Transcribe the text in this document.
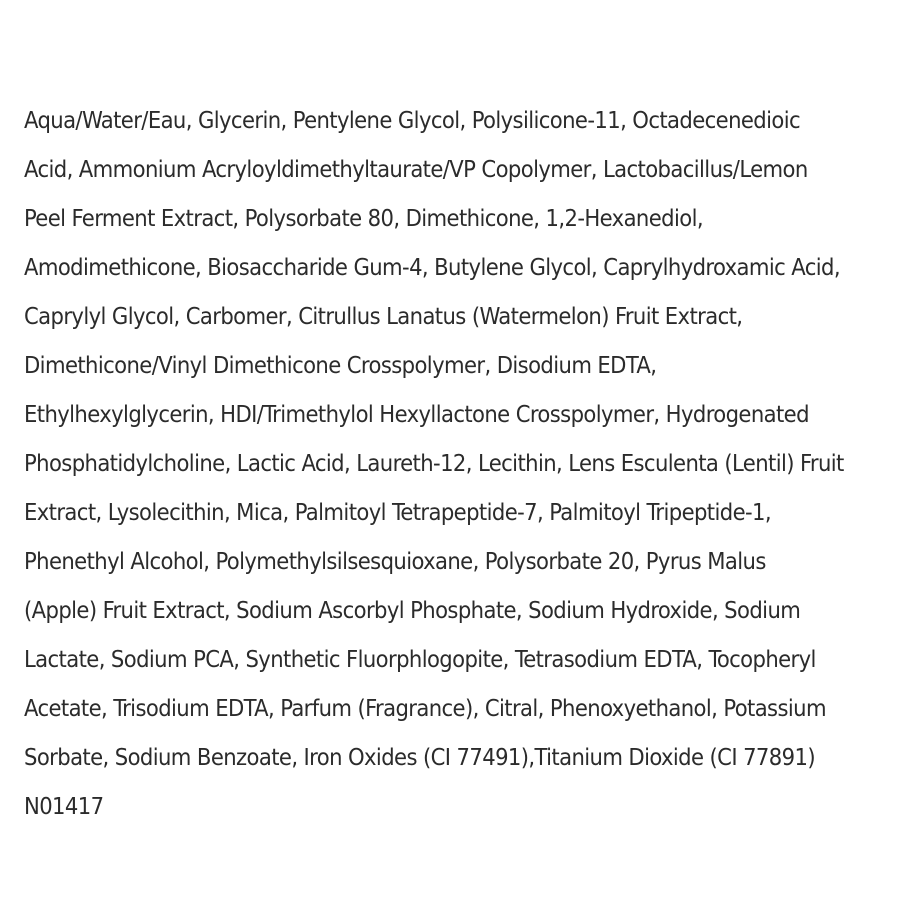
Aqua/Water/Eau, Glycerin, Pentylene Glycol, Polysilicone-11, Octadecenedioic
Acid, Ammonium Acryloyldimethyltaurate/VP Copolymer, Lactobacillus/Lemon
Peel Ferment Extract, Polysorbate 80, Dimethicone, 1,2-Hexanediol,
Amodimethicone, Biosaccharide Gum-4, Butylene Glycol, Caprylhydroxamic Acid,
Caprylyl Glycol, Carbomer, Citrullus Lanatus (Watermelon) Fruit Extract,
Dimethicone/Vinyl Dimethicone Crosspolymer, Disodium EDTA,
Ethylhexylglycerin, HDI/Trimethylol Hexyllactone Crosspolymer, Hydrogenated
Phosphatidylcholine, Lactic Acid, Laureth-12, Lecithin, Lens Esculenta (Lentil) Fruit
Extract, Lysolecithin, Mica, Palmitoyl Tetrapeptide-7, Palmitoyl Tripeptide-1,
Phenethyl Alcohol, Polymethylsilsesquioxane, Polysorbate 20, Pyrus Malus
(Apple) Fruit Extract, Sodium Ascorbyl Phosphate, Sodium Hydroxide, Sodium
Lactate, Sodium PCA, Synthetic Fluorphlogopite, Tetrasodium EDTA, Tocopheryl
Acetate, Trisodium EDTA, Parfum (Fragrance), Citral, Phenoxyethanol, Potassium
Sorbate, Sodium Benzoate, Iron Oxides (CI 77491),Titanium Dioxide (CI 77891)
N01417
